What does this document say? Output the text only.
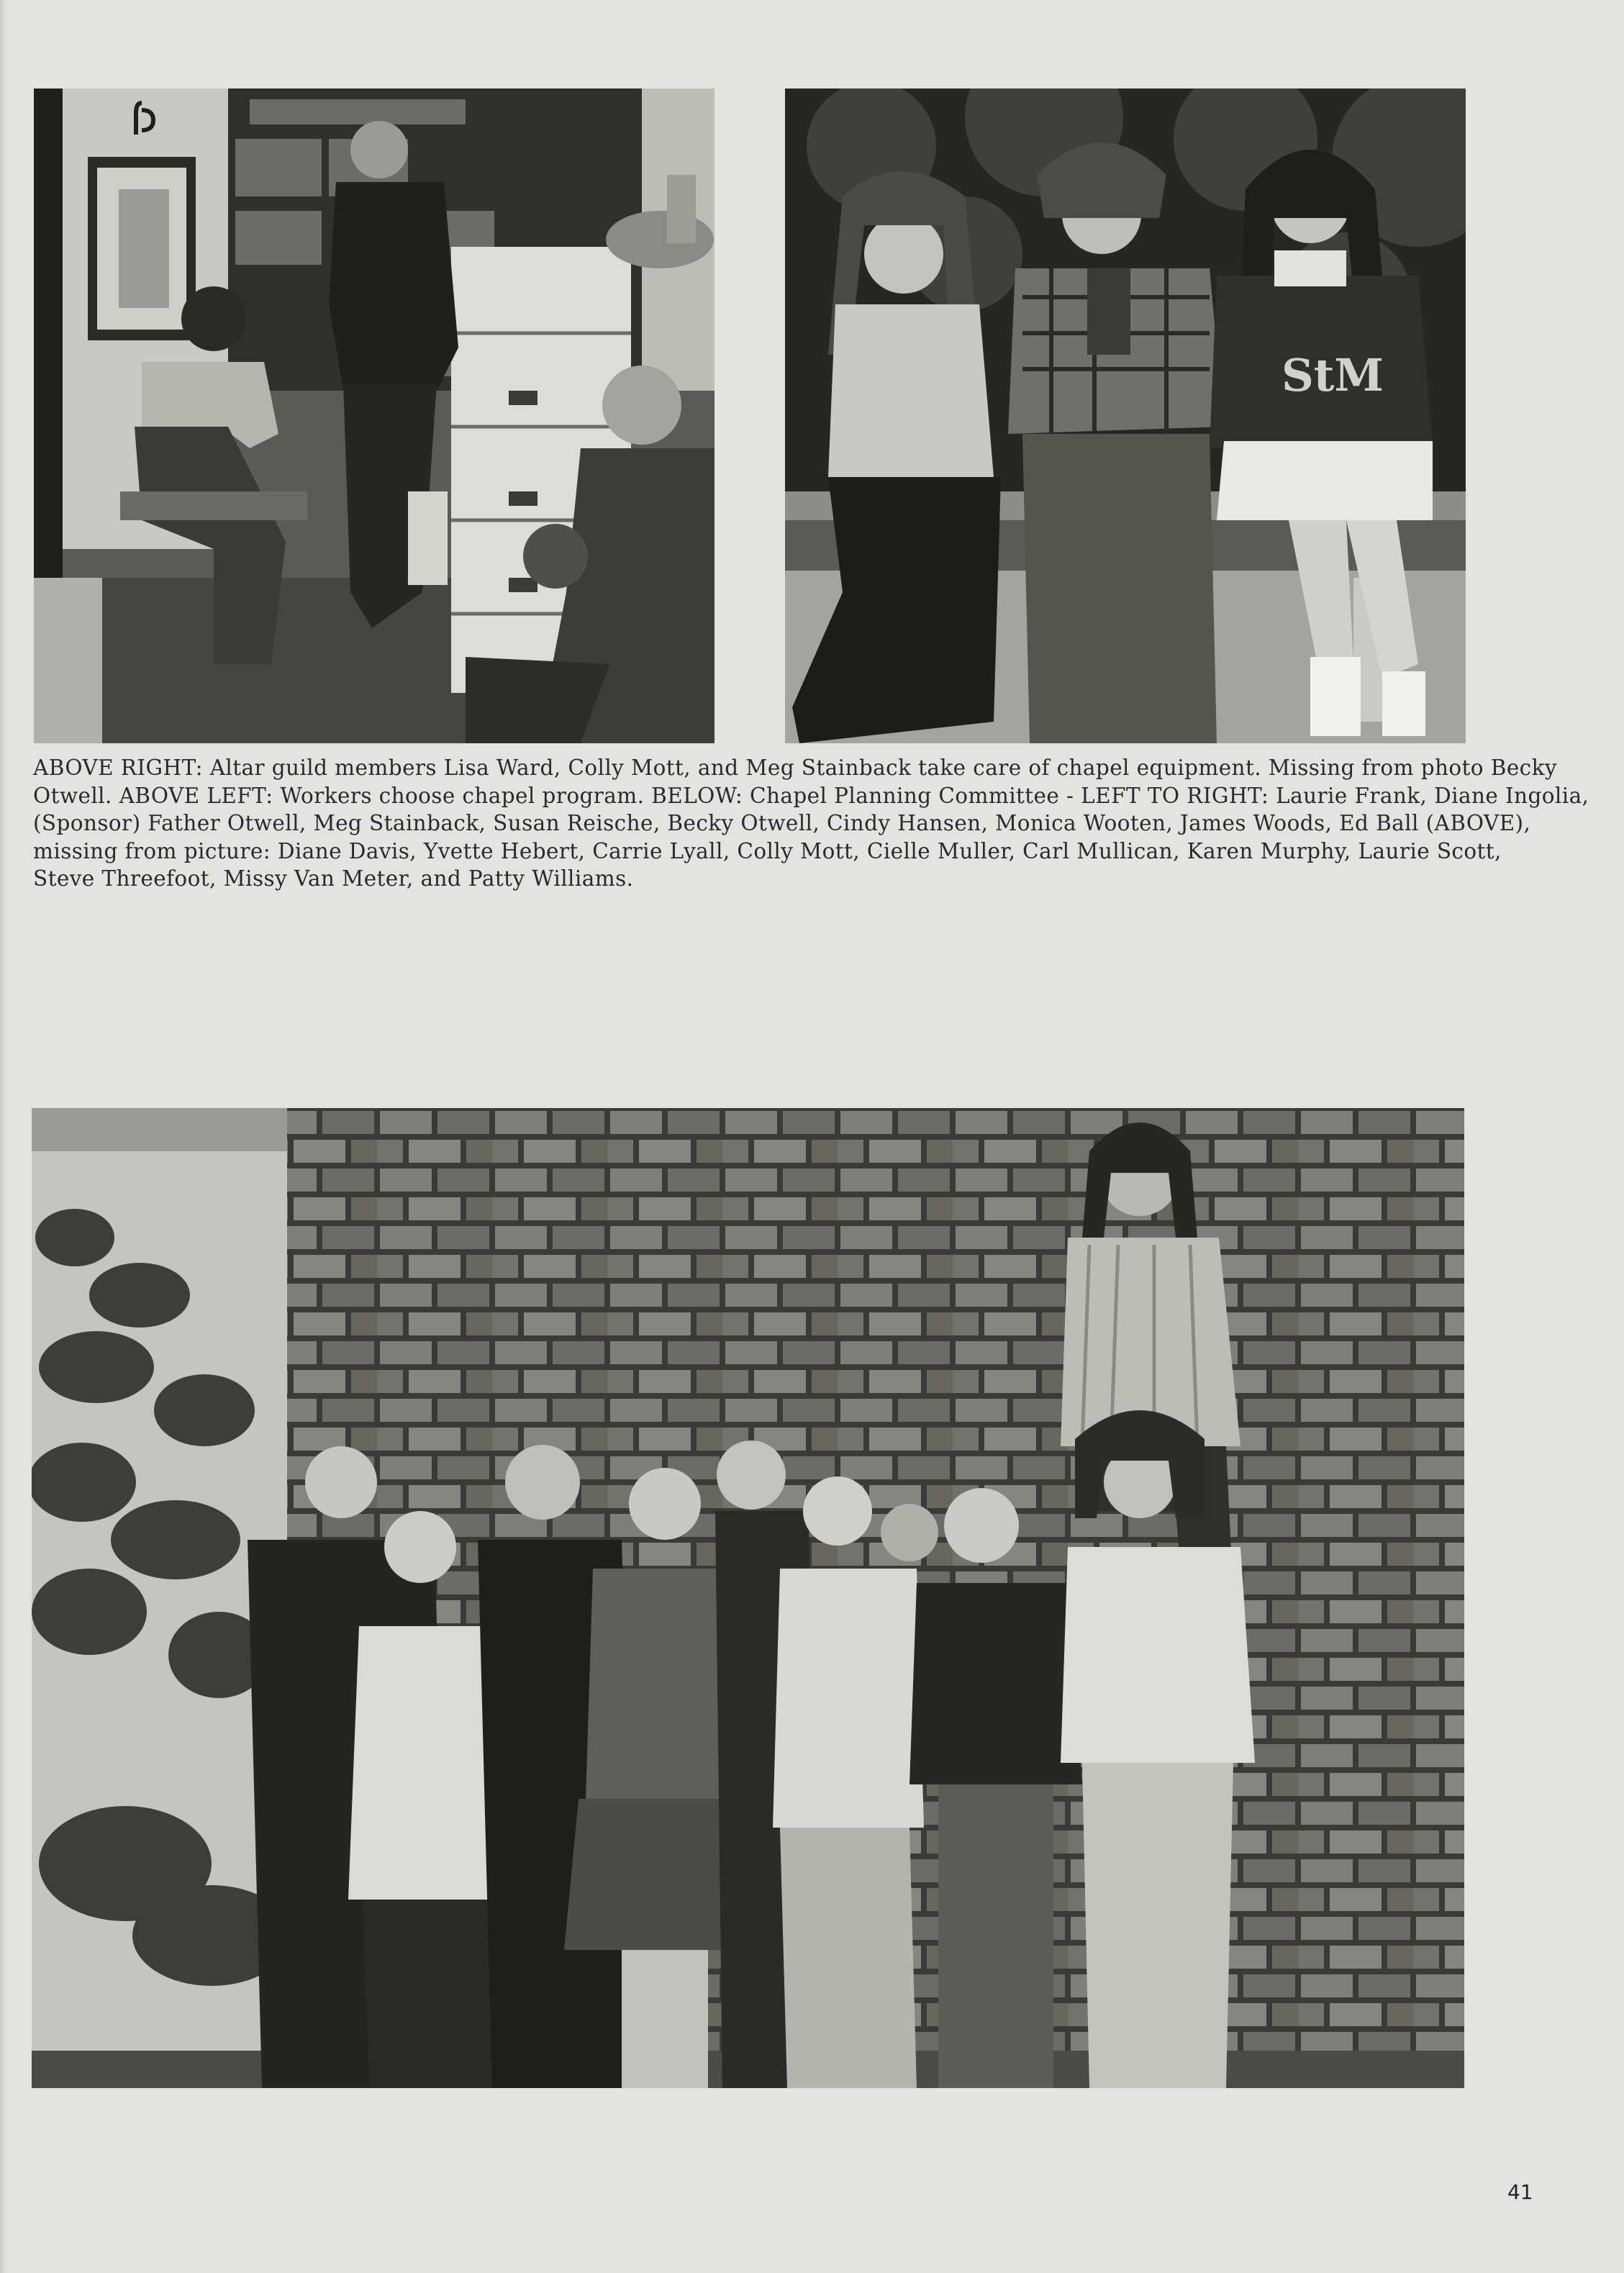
StM
ABOVE RIGHT: Altar guild members Lisa Ward, Colly Mott, and Meg Stainback take care of chapel equipment. Missing from photo Becky
Otwell. ABOVE LEFT: Workers choose chapel program. BELOW: Chapel Planning Committee - LEFT TO RIGHT: Laurie Frank, Diane Ingolia,
(Sponsor) Father Otwell, Meg Stainback, Susan Reische, Becky Otwell, Cindy Hansen, Monica Wooten, James Woods, Ed Ball (ABOVE),
missing from picture: Diane Davis, Yvette Hebert, Carrie Lyall, Colly Mott, Cielle Muller, Carl Mullican, Karen Murphy, Laurie Scott,
Steve Threefoot, Missy Van Meter, and Patty Williams.
41
